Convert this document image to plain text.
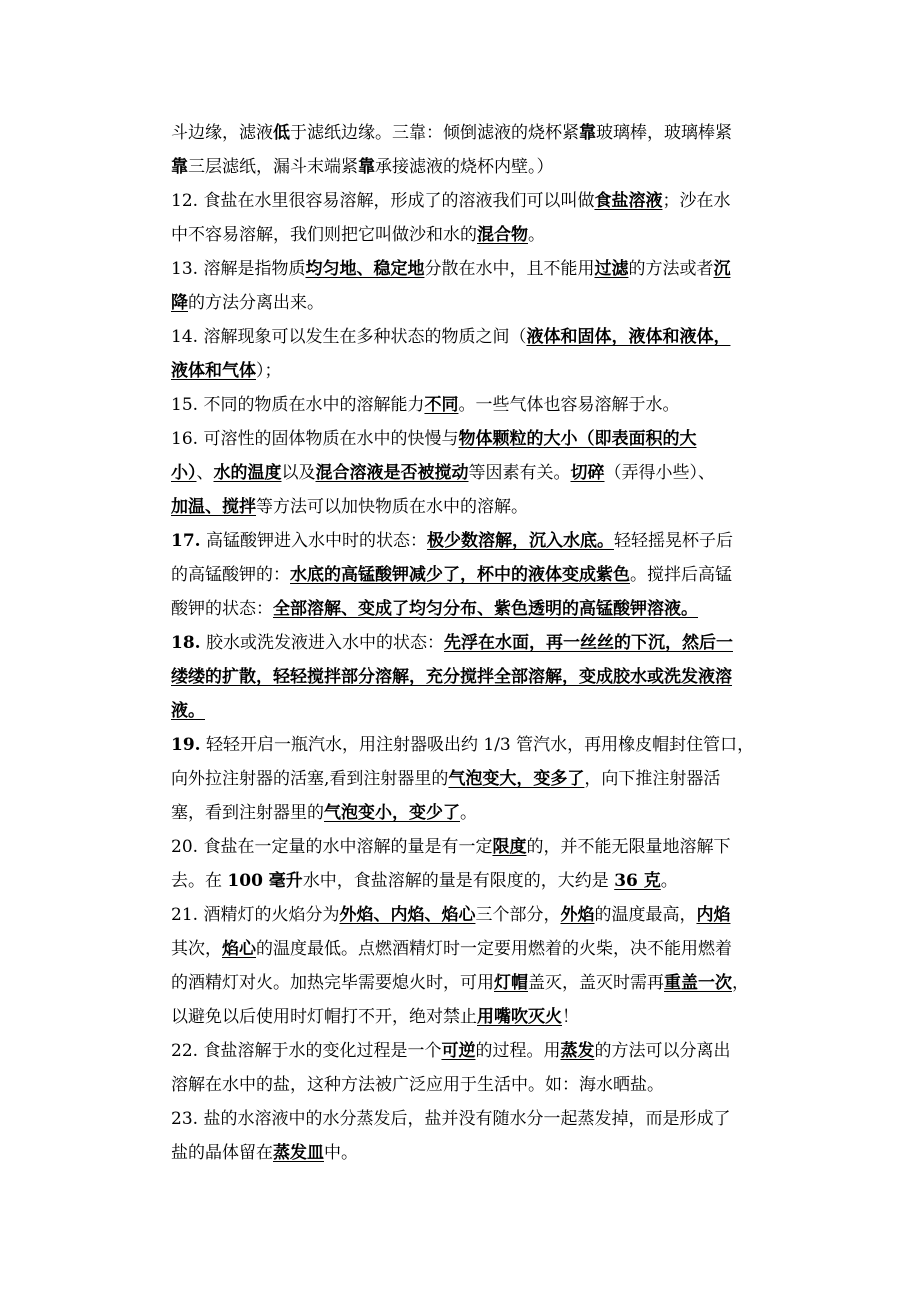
斗边缘，滤液低于滤纸边缘。三靠：倾倒滤液的烧杯紧靠玻璃棒，玻璃棒紧

靠三层滤纸，漏斗末端紧靠承接滤液的烧杯内壁。）

12. 食盐在水里很容易溶解，形成了的溶液我们可以叫做食盐溶液；沙在水

中不容易溶解，我们则把它叫做沙和水的混合物。

13. 溶解是指物质均匀地、稳定地分散在水中，且不能用过滤的方法或者沉

降的方法分离出来。

14. 溶解现象可以发生在多种状态的物质之间（液体和固体，液体和液体，

液体和气体）；

15. 不同的物质在水中的溶解能力不同。一些气体也容易溶解于水。

16. 可溶性的固体物质在水中的快慢与物体颗粒的大小（即表面积的大

小）、水的温度以及混合溶液是否被搅动等因素有关。切碎（弄得小些）、

加温、搅拌等方法可以加快物质在水中的溶解。

17. 高锰酸钾进入水中时的状态：极少数溶解，沉入水底。轻轻摇晃杯子后

的高锰酸钾的：水底的高锰酸钾减少了，杯中的液体变成紫色。搅拌后高锰

酸钾的状态：全部溶解、变成了均匀分布、紫色透明的高锰酸钾溶液。

18. 胶水或洗发液进入水中的状态：先浮在水面，再一丝丝的下沉，然后一

缕缕的扩散，轻轻搅拌部分溶解，充分搅拌全部溶解，变成胶水或洗发液溶

液。

19. 轻轻开启一瓶汽水，用注射器吸出约 1/3 管汽水，再用橡皮帽封住管口，

向外拉注射器的活塞,看到注射器里的气泡变大，变多了，向下推注射器活

塞，看到注射器里的气泡变小，变少了。

20. 食盐在一定量的水中溶解的量是有一定限度的，并不能无限量地溶解下

去。在 100 毫升水中，食盐溶解的量是有限度的，大约是 36 克。

21. 酒精灯的火焰分为外焰、内焰、焰心三个部分，外焰的温度最高，内焰

其次，焰心的温度最低。点燃酒精灯时一定要用燃着的火柴，决不能用燃着

的酒精灯对火。加热完毕需要熄火时，可用灯帽盖灭，盖灭时需再重盖一次，

以避免以后使用时灯帽打不开，绝对禁止用嘴吹灭火！

22. 食盐溶解于水的变化过程是一个可逆的过程。用蒸发的方法可以分离出

溶解在水中的盐，这种方法被广泛应用于生活中。如：海水晒盐。

23. 盐的水溶液中的水分蒸发后，盐并没有随水分一起蒸发掉，而是形成了

盐的晶体留在蒸发皿中。
